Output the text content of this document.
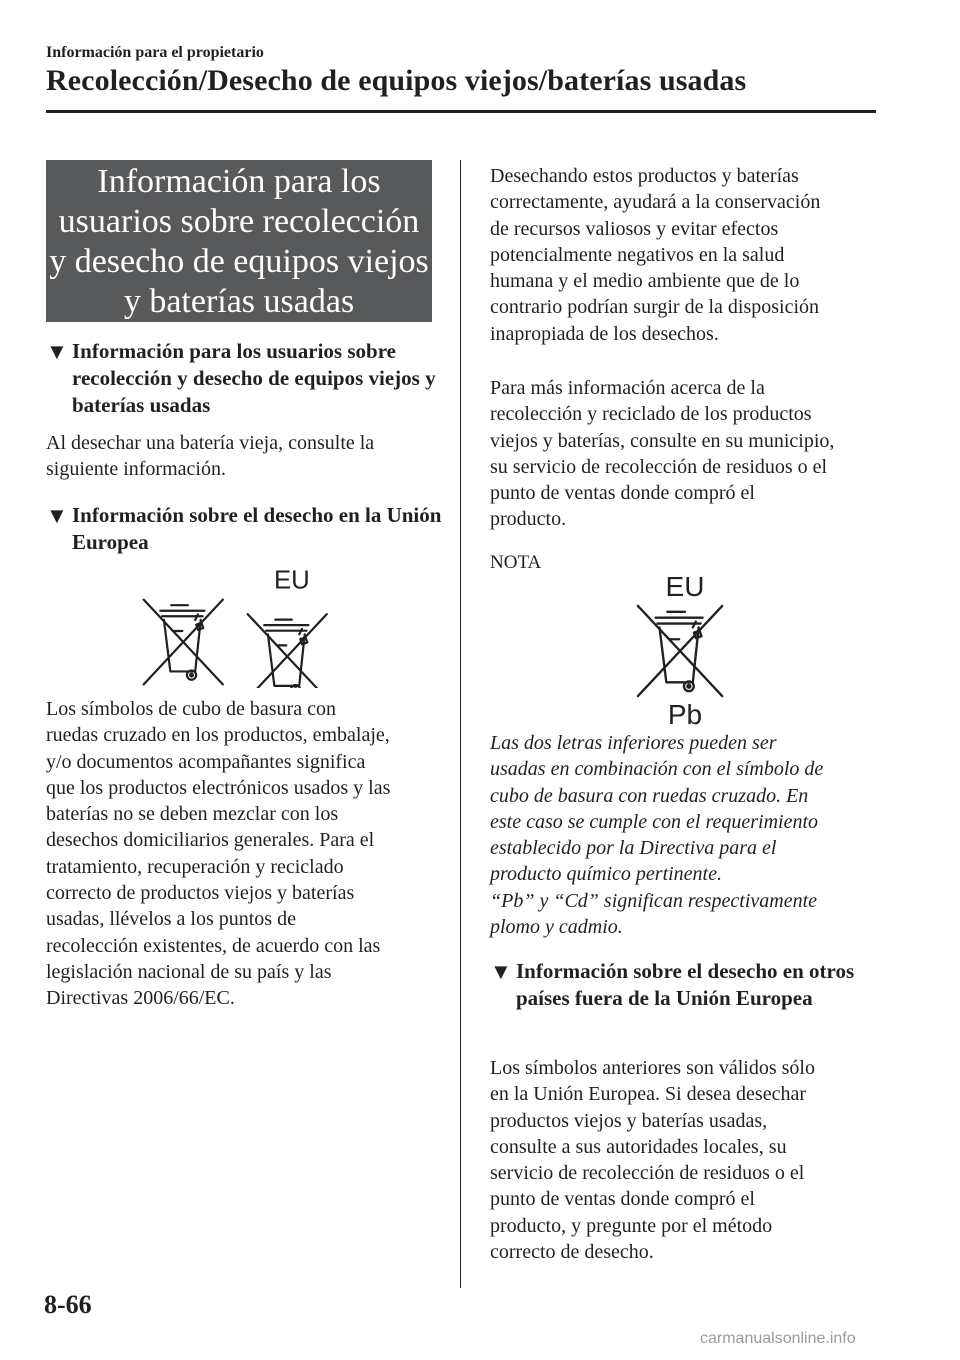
Información para el propietario
Recolección/Desecho de equipos viejos/baterías usadas
Información para los
usuarios sobre recolección
y desecho de equipos viejos
y baterías usadas
▼ Información para los usuarios sobre recolección y desecho de equipos viejos y baterías usadas

Al desechar una batería vieja, consulte la
siguiente información.

▼ Información sobre el desecho en la Unión Europea
EU

Los símbolos de cubo de basura con
ruedas cruzado en los productos, embalaje,
y/o documentos acompañantes significa
que los productos electrónicos usados y las
baterías no se deben mezclar con los
desechos domiciliarios generales. Para el
tratamiento, recuperación y reciclado
correcto de productos viejos y baterías
usadas, llévelos a los puntos de
recolección existentes, de acuerdo con las
legislación nacional de su país y las
Directivas 2006/66/EC.

Desechando estos productos y baterías
correctamente, ayudará a la conservación
de recursos valiosos y evitar efectos
potencialmente negativos en la salud
humana y el medio ambiente que de lo
contrario podrían surgir de la disposición
inapropiada de los desechos.

Para más información acerca de la
recolección y reciclado de los productos
viejos y baterías, consulte en su municipio,
su servicio de recolección de residuos o el
punto de ventas donde compró el
producto.

NOTA
EU
Pb

Las dos letras inferiores pueden ser
usadas en combinación con el símbolo de
cubo de basura con ruedas cruzado. En
este caso se cumple con el requerimiento
establecido por la Directiva para el
producto químico pertinente.
“Pb” y “Cd” significan respectivamente
plomo y cadmio.

▼ Información sobre el desecho en otros países fuera de la Unión Europea

Los símbolos anteriores son válidos sólo
en la Unión Europea. Si desea desechar
productos viejos y baterías usadas,
consulte a sus autoridades locales, su
servicio de recolección de residuos o el
punto de ventas donde compró el
producto, y pregunte por el método
correcto de desecho.

8-66
carmanualsonline.info
